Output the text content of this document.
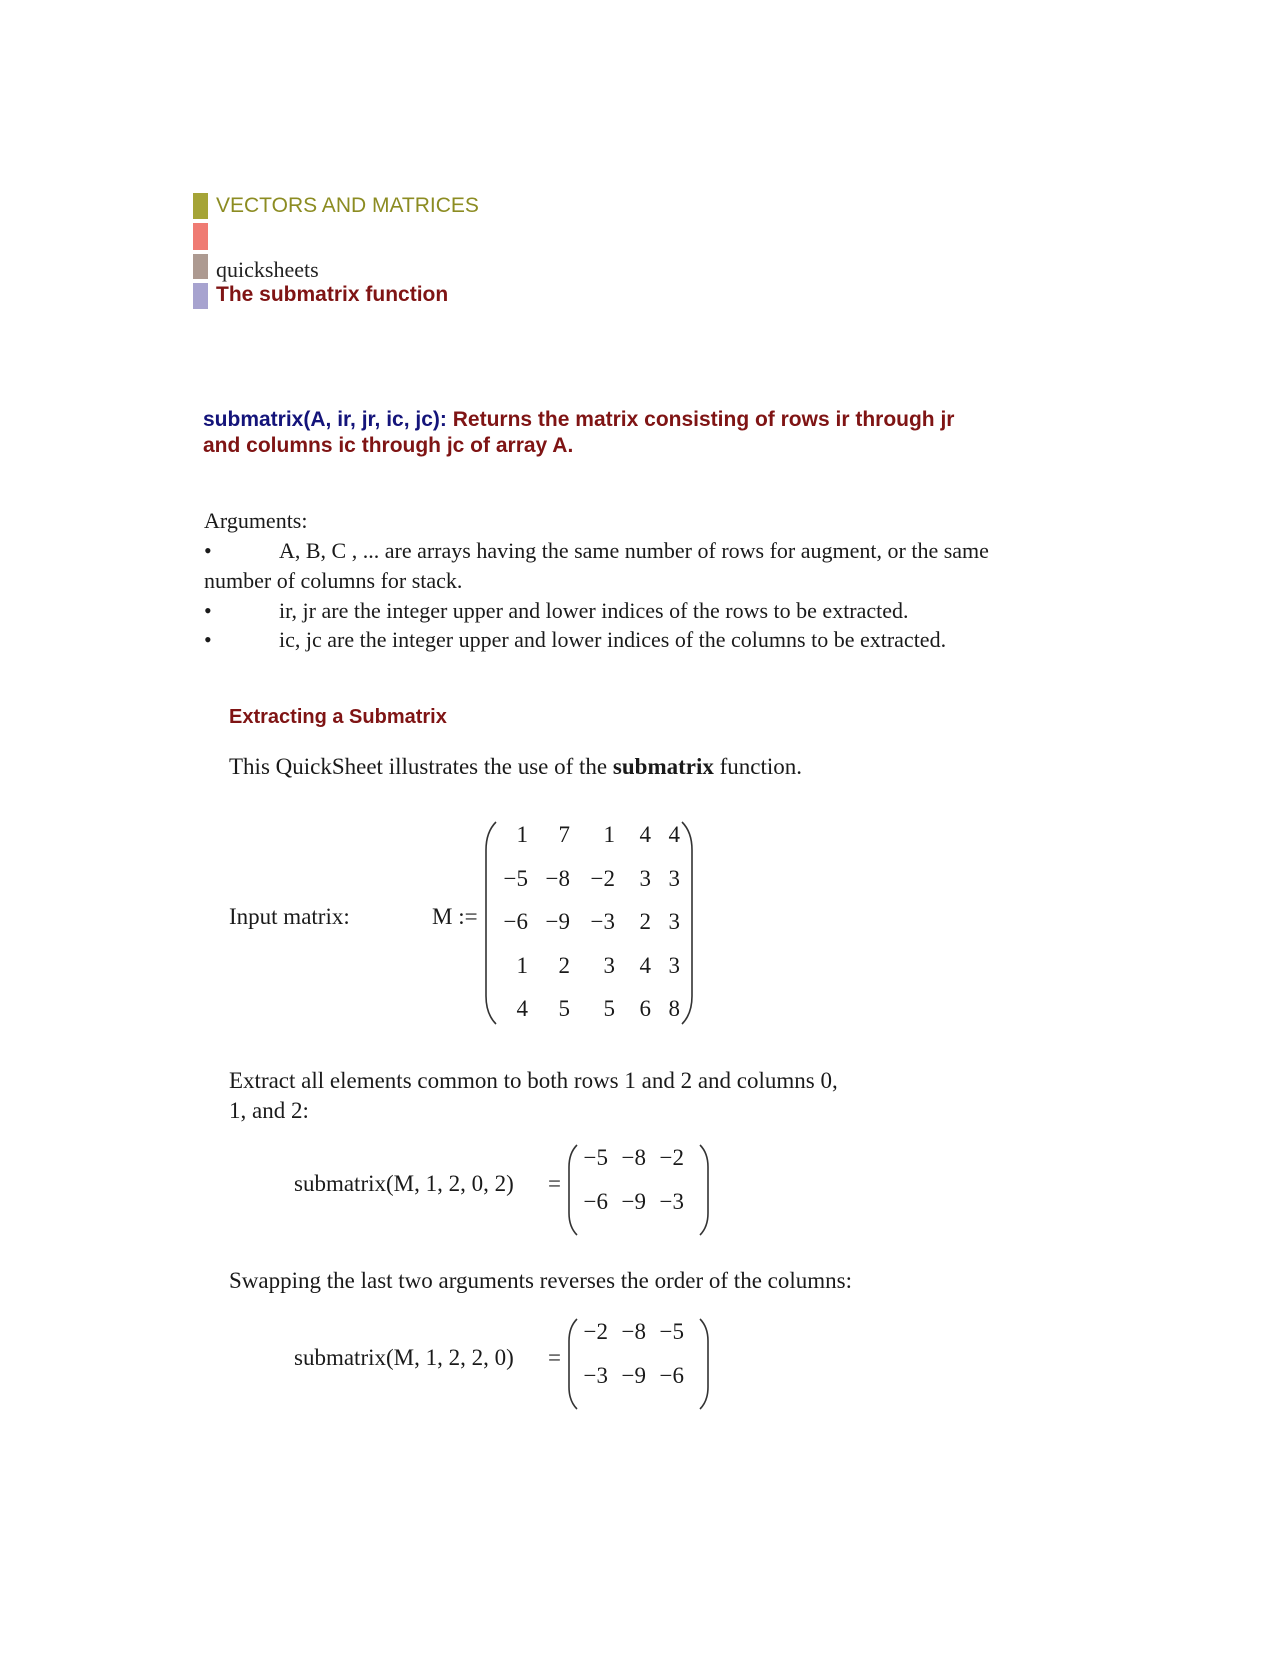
VECTORS AND MATRICES
quicksheets
The submatrix function
submatrix(A, ir, jr, ic, jc): Returns the matrix consisting of rows ir through jr
and columns ic through jc of array A.
Arguments:
•	A, B, C , ... are arrays having the same number of rows for augment, or the same
number of columns for stack.
•	ir, jr are the integer upper and lower indices of the rows to be extracted.
•	ic, jc are the integer upper and lower indices of the columns to be extracted.
Extracting a Submatrix
This QuickSheet illustrates the use of the submatrix function.
Input matrix:	M :=
1	7	1	4 4
−5 −8 −2	3 3
−6 −9 −3	2 3
1	2	3	4 3
4	5	5	6 8
Extract all elements common to both rows 1 and 2 and columns 0,
1, and 2:
submatrix(M, 1, 2, 0, 2) =
−5 −8 −2
−6 −9 −3
Swapping the last two arguments reverses the order of the columns:
submatrix(M, 1, 2, 2, 0) =
−2 −8 −5
−3 −9 −6
